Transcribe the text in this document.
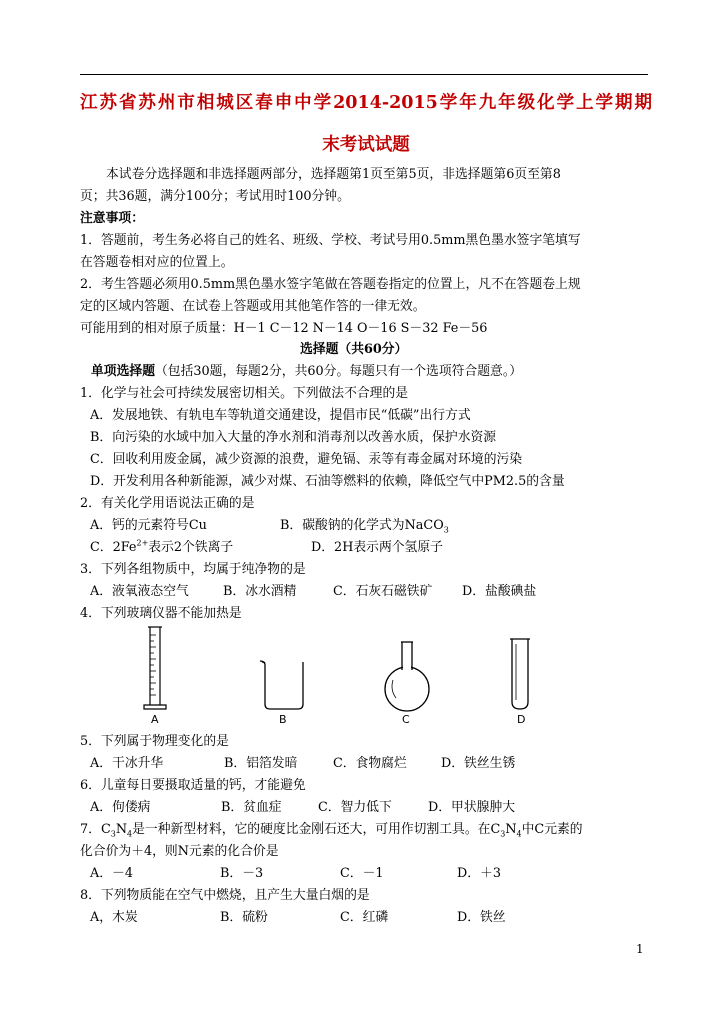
江苏省苏州市相城区春申中学2014-2015学年九年级化学上学期期
末考试试题
本试卷分选择题和非选择题两部分，选择题第1页至第5页，非选择题第6页至第8
页；共36题，满分100分；考试用时100分钟。
注意事项：
1．答题前，考生务必将自己的姓名、班级、学校、考试号用0.5mm黑色墨水签字笔填写
在答题卷相对应的位置上。
2．考生答题必须用0.5mm黑色墨水签字笔做在答题卷指定的位置上，凡不在答题卷上规
定的区域内答题、在试卷上答题或用其他笔作答的一律无效。
可能用到的相对原子质量：H－1 C－12 N－14 O－16 S－32 Fe－56
选择题（共60分）
单项选择题（包括30题，每题2分，共60分。每题只有一个选项符合题意。）
1．化学与社会可持续发展密切相关。下列做法不合理的是
A．发展地铁、有轨电车等轨道交通建设，提倡市民“低碳”出行方式
B．向污染的水域中加入大量的净水剂和消毒剂以改善水质，保护水资源
C．回收利用废金属，减少资源的浪费，避免镉、汞等有毒金属对环境的污染
D．开发利用各种新能源，减少对煤、石油等燃料的依赖，降低空气中PM2.5的含量
2．有关化学用语说法正确的是
A．钙的元素符号Cu	B．碳酸钠的化学式为NaCO$_3$
C．$2Fe^{2+}$表示2个铁离子	D．2H表示两个氢原子
3．下列各组物质中，均属于纯净物的是
A．液氧液态空气	B．冰水酒精	C．石灰石磁铁矿 D．盐酸碘盐
4．下列玻璃仪器不能加热是
A	B	C	D
5．下列属于物理变化的是
A．干冰升华	B．铝箔发暗	C．食物腐烂	D．铁丝生锈
6．儿童每日要摄取适量的钙，才能避免
A．佝偻病	B．贫血症	C．智力低下	D．甲状腺肿大
7．$C_3N_4$是一种新型材料，它的硬度比金刚石还大，可用作切割工具。在$C_3N_4$中C元素的
化合价为＋4，则N元素的化合价是
A．－4	B．－3	C．－1	D．＋3
8．下列物质能在空气中燃烧，且产生大量白烟的是
A，木炭	B．硫粉	C．红磷	D．铁丝
1
